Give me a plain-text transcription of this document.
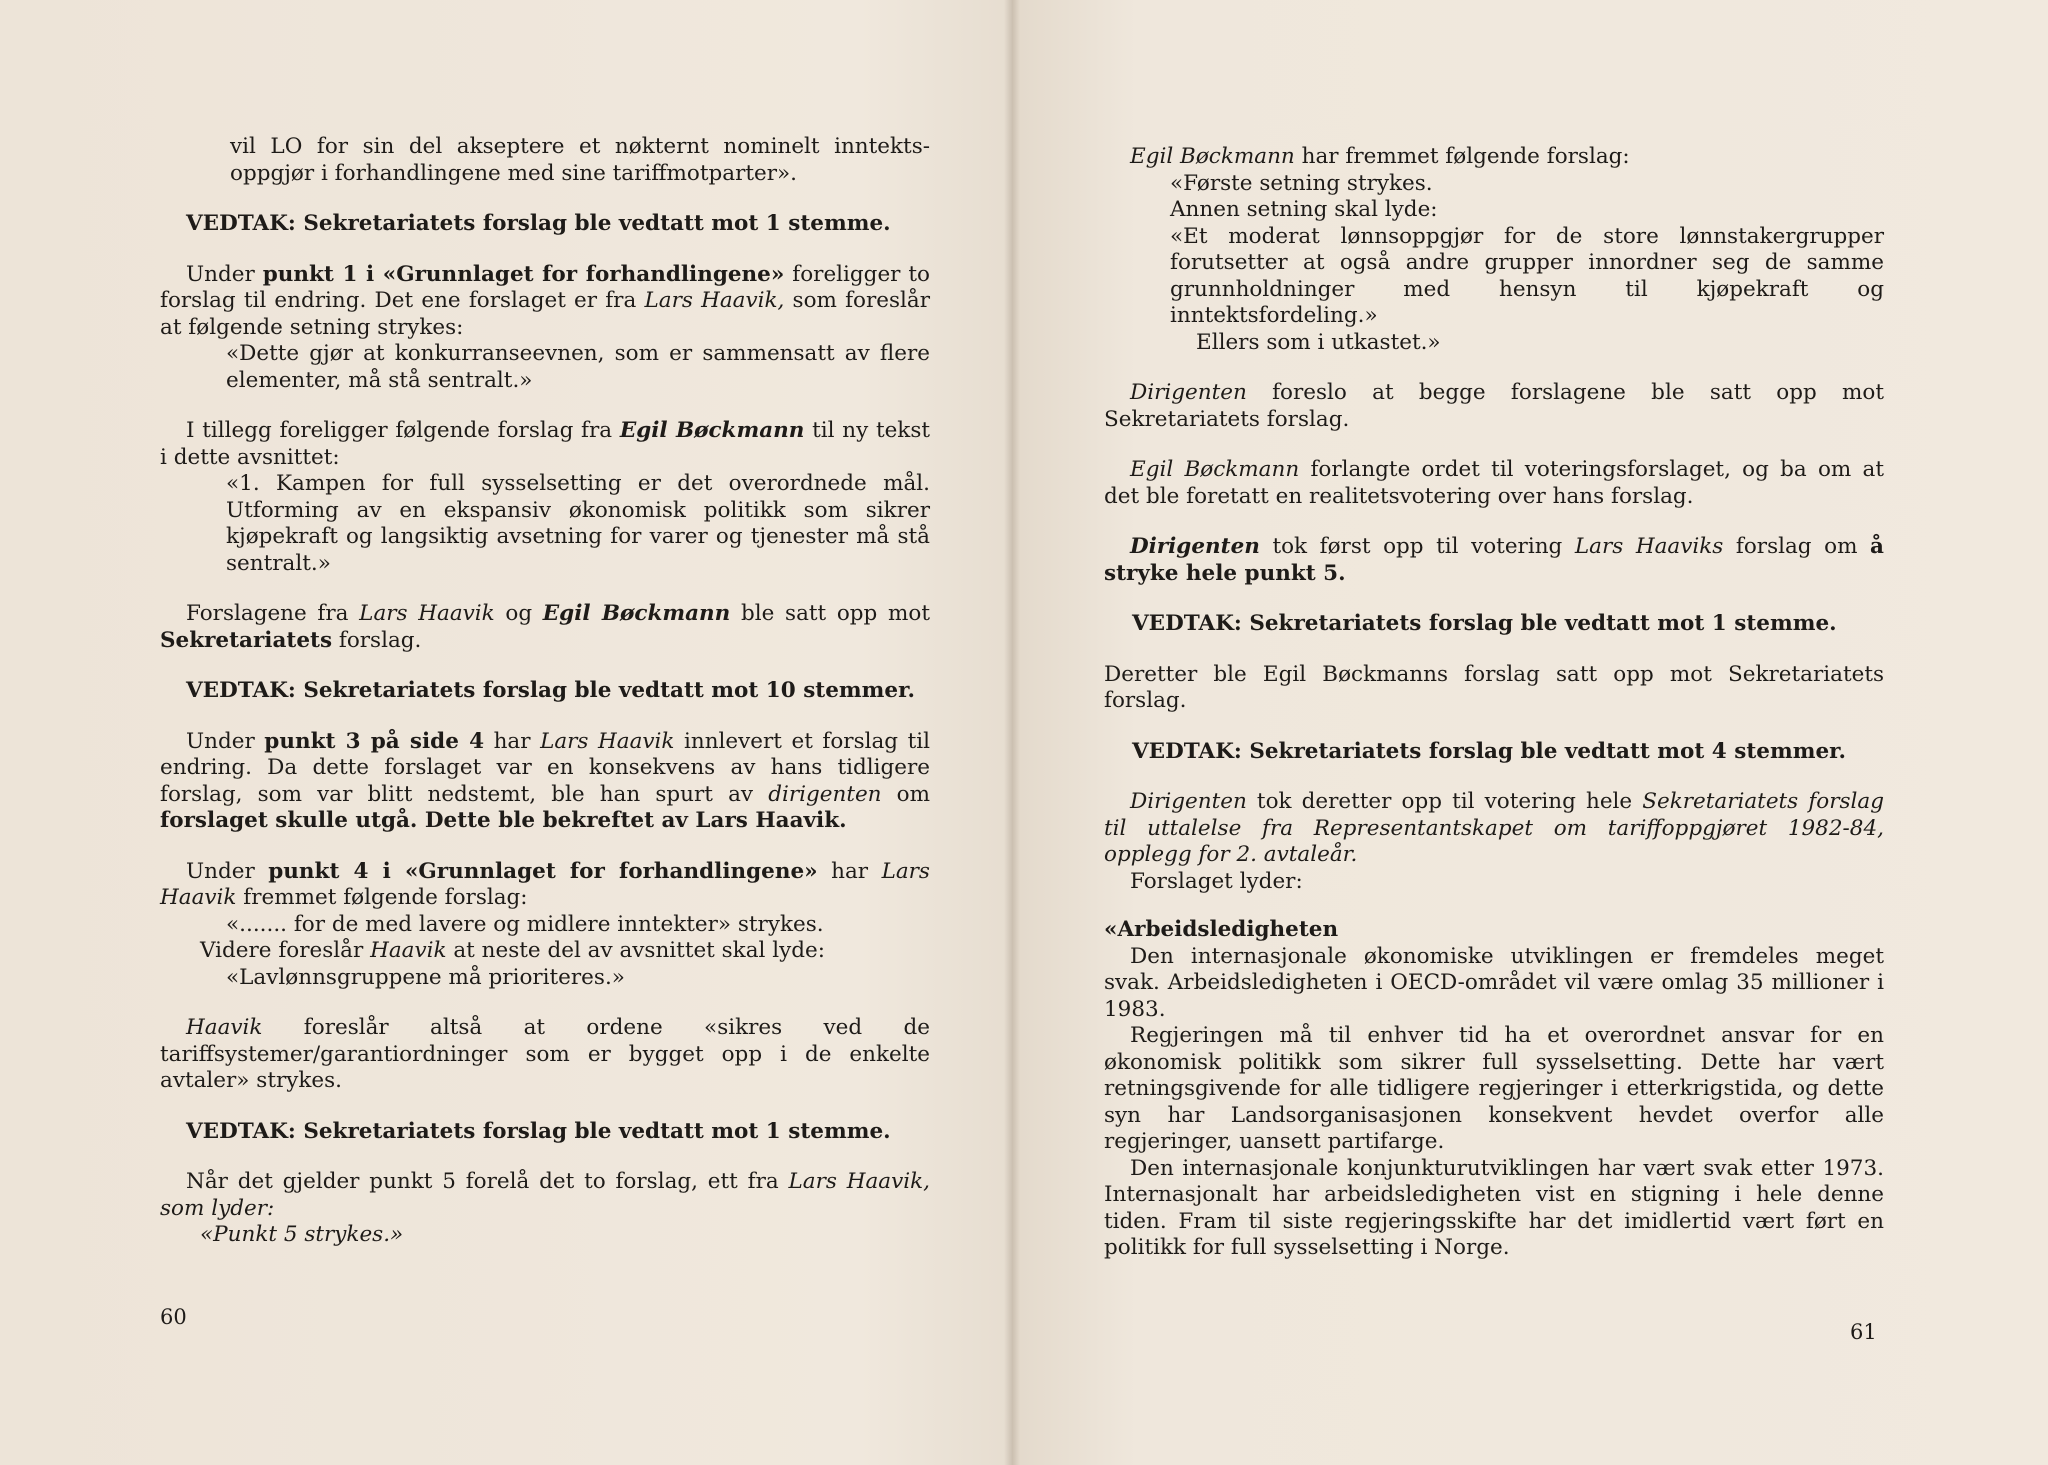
vil LO for sin del akseptere et nøkternt nominelt inntekts-oppgjør i forhandlingene med sine tariffmotparter».

VEDTAK: Sekretariatets forslag ble vedtatt mot 1 stemme.

Under punkt 1 i «Grunnlaget for forhandlingene» foreligger to forslag til endring. Det ene forslaget er fra Lars Haavik, som foreslår at følgende setning strykes:

«Dette gjør at konkurranseevnen, som er sammensatt av flere elementer, må stå sentralt.»

I tillegg foreligger følgende forslag fra Egil Bøckmann til ny tekst i dette avsnittet:

«1. Kampen for full sysselsetting er det overordnede mål. Utforming av en ekspansiv økonomisk politikk som sikrer kjøpekraft og langsiktig avsetning for varer og tjenester må stå sentralt.»

Forslagene fra Lars Haavik og Egil Bøckmann ble satt opp mot Sekretariatets forslag.

VEDTAK: Sekretariatets forslag ble vedtatt mot 10 stemmer.

Under punkt 3 på side 4 har Lars Haavik innlevert et forslag til endring. Da dette forslaget var en konsekvens av hans tidligere forslag, som var blitt nedstemt, ble han spurt av dirigenten om forslaget skulle utgå. Dette ble bekreftet av Lars Haavik.

Under punkt 4 i «Grunnlaget for forhandlingene» har Lars Haavik fremmet følgende forslag:

«....... for de med lavere og midlere inntekter» strykes.

Videre foreslår Haavik at neste del av avsnittet skal lyde:

«Lavlønnsgruppene må prioriteres.»

Haavik foreslår altså at ordene «sikres ved de tariffsystemer/garantiordninger som er bygget opp i de enkelte avtaler» strykes.

VEDTAK: Sekretariatets forslag ble vedtatt mot 1 stemme.

Når det gjelder punkt 5 forelå det to forslag, ett fra Lars Haavik, som lyder:

«Punkt 5 strykes.»

60

Egil Bøckmann har fremmet følgende forslag:

«Første setning strykes.

Annen setning skal lyde:

«Et moderat lønnsoppgjør for de store lønnstakergrupper forutsetter at også andre grupper innordner seg de samme grunnholdninger med hensyn til kjøpekraft og inntektsfordeling.»

Ellers som i utkastet.»

Dirigenten foreslo at begge forslagene ble satt opp mot Sekretariatets forslag.

Egil Bøckmann forlangte ordet til voteringsforslaget, og ba om at det ble foretatt en realitetsvotering over hans forslag.

Dirigenten tok først opp til votering Lars Haaviks forslag om å stryke hele punkt 5.

VEDTAK: Sekretariatets forslag ble vedtatt mot 1 stemme.

Deretter ble Egil Bøckmanns forslag satt opp mot Sekretariatets forslag.

VEDTAK: Sekretariatets forslag ble vedtatt mot 4 stemmer.

Dirigenten tok deretter opp til votering hele Sekretariatets forslag til uttalelse fra Representantskapet om tariffoppgjøret 1982-84, opplegg for 2. avtaleår.

Forslaget lyder:

«Arbeidsledigheten

Den internasjonale økonomiske utviklingen er fremdeles meget svak. Arbeidsledigheten i OECD-området vil være omlag 35 millioner i 1983.

Regjeringen må til enhver tid ha et overordnet ansvar for en økonomisk politikk som sikrer full sysselsetting. Dette har vært retningsgivende for alle tidligere regjeringer i etterkrigstida, og dette syn har Landsorganisasjonen konsekvent hevdet overfor alle regjeringer, uansett partifarge.

Den internasjonale konjunkturutviklingen har vært svak etter 1973. Internasjonalt har arbeidsledigheten vist en stigning i hele denne tiden. Fram til siste regjeringsskifte har det imidlertid vært ført en politikk for full sysselsetting i Norge.

61
